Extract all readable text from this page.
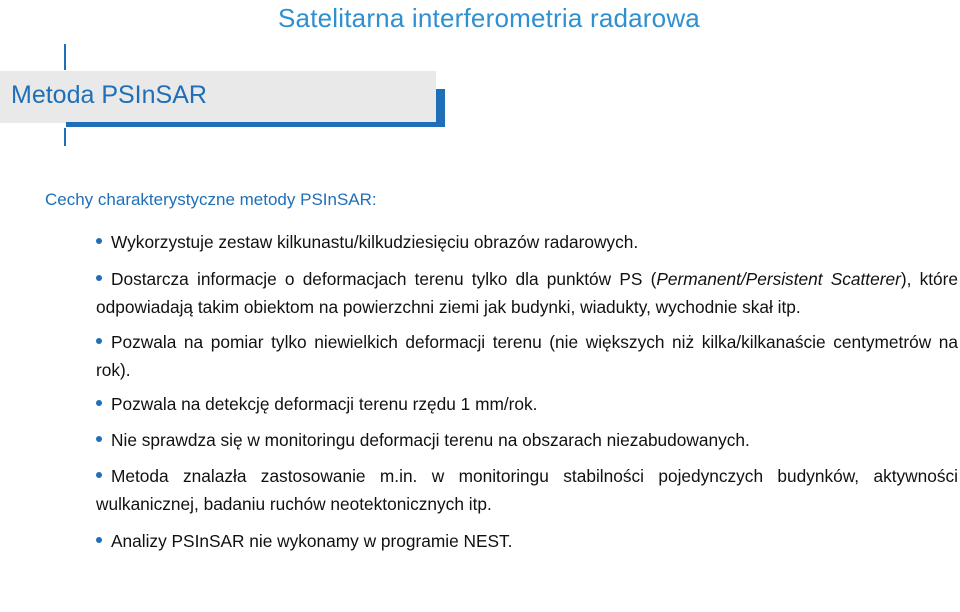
Satelitarna interferometria radarowa
Metoda PSInSAR
Cechy charakterystyczne metody PSInSAR:
Wykorzystuje zestaw kilkunastu/kilkudziesięciu obrazów radarowych.
Dostarcza informacje o deformacjach terenu tylko dla punktów PS (Permanent/Persistent Scatterer), które odpowiadają takim obiektom na powierzchni ziemi jak budynki, wiadukty, wychodnie skał itp.
Pozwala na pomiar tylko niewielkich deformacji terenu (nie większych niż kilka/kilkanaście centymetrów na rok).
Pozwala na detekcję deformacji terenu rzędu 1 mm/rok.
Nie sprawdza się w monitoringu deformacji terenu na obszarach niezabudowanych.
Metoda znalazła zastosowanie m.in. w monitoringu stabilności pojedynczych budynków, aktywności wulkanicznej, badaniu ruchów neotektonicznych itp.
Analizy PSInSAR nie wykonamy w programie NEST.
